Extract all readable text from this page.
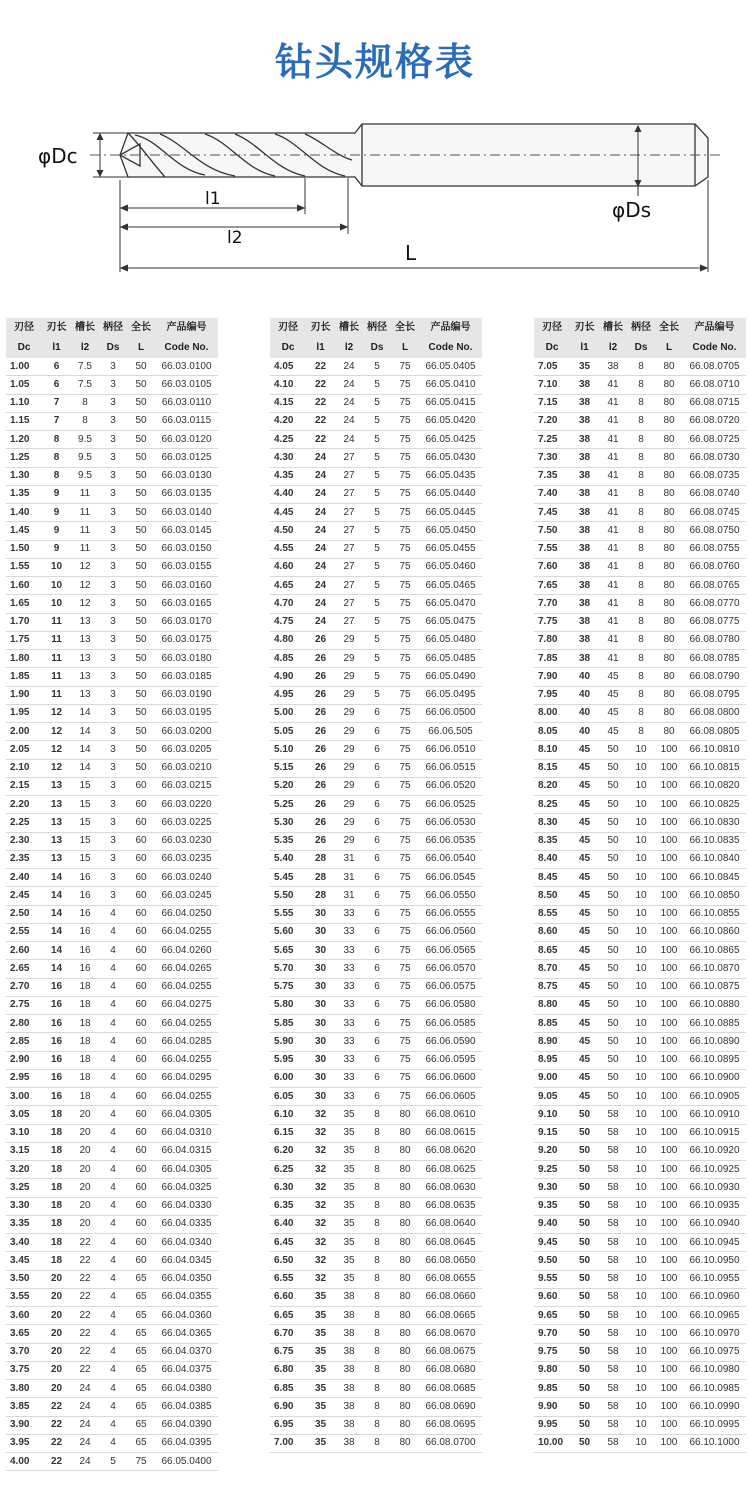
钻头规格表
φDc
φDs
l1
l2
L
刃径	刃长	槽长	柄径	全长	产品编号
Dc	l1	l2	Ds	L	Code No.
1.00	6	7.5	3	50	66.03.0100
1.05	6	7.5	3	50	66.03.0105
1.10	7	8	3	50	66.03.0110
1.15	7	8	3	50	66.03.0115
1.20	8	9.5	3	50	66.03.0120
1.25	8	9.5	3	50	66.03.0125
1.30	8	9.5	3	50	66.03.0130
1.35	9	11	3	50	66.03.0135
1.40	9	11	3	50	66.03.0140
1.45	9	11	3	50	66.03.0145
1.50	9	11	3	50	66.03.0150
1.55	10	12	3	50	66.03.0155
1.60	10	12	3	50	66.03.0160
1.65	10	12	3	50	66.03.0165
1.70	11	13	3	50	66.03.0170
1.75	11	13	3	50	66.03.0175
1.80	11	13	3	50	66.03.0180
1.85	11	13	3	50	66.03.0185
1.90	11	13	3	50	66.03.0190
1.95	12	14	3	50	66.03.0195
2.00	12	14	3	50	66.03.0200
2.05	12	14	3	50	66.03.0205
2.10	12	14	3	50	66.03.0210
2.15	13	15	3	60	66.03.0215
2.20	13	15	3	60	66.03.0220
2.25	13	15	3	60	66.03.0225
2.30	13	15	3	60	66.03.0230
2.35	13	15	3	60	66.03.0235
2.40	14	16	3	60	66.03.0240
2.45	14	16	3	60	66.03.0245
2.50	14	16	4	60	66.04.0250
2.55	14	16	4	60	66.04.0255
2.60	14	16	4	60	66.04.0260
2.65	14	16	4	60	66.04.0265
2.70	16	18	4	60	66.04.0255
2.75	16	18	4	60	66.04.0275
2.80	16	18	4	60	66.04.0255
2.85	16	18	4	60	66.04.0285
2.90	16	18	4	60	66.04.0255
2.95	16	18	4	60	66.04.0295
3.00	16	18	4	60	66.04.0255
3.05	18	20	4	60	66.04.0305
3.10	18	20	4	60	66.04.0310
3.15	18	20	4	60	66.04.0315
3.20	18	20	4	60	66.04.0305
3.25	18	20	4	60	66.04.0325
3.30	18	20	4	60	66.04.0330
3.35	18	20	4	60	66.04.0335
3.40	18	22	4	60	66.04.0340
3.45	18	22	4	60	66.04.0345
3.50	20	22	4	65	66.04.0350
3.55	20	22	4	65	66.04.0355
3.60	20	22	4	65	66.04.0360
3.65	20	22	4	65	66.04.0365
3.70	20	22	4	65	66.04.0370
3.75	20	22	4	65	66.04.0375
3.80	20	24	4	65	66.04.0380
3.85	22	24	4	65	66.04.0385
3.90	22	24	4	65	66.04.0390
3.95	22	24	4	65	66.04.0395
4.00	22	24	5	75	66.05.0400
刃径	刃长	槽长	柄径	全长	产品编号
Dc	l1	l2	Ds	L	Code No.
4.05	22	24	5	75	66.05.0405
4.10	22	24	5	75	66.05.0410
4.15	22	24	5	75	66.05.0415
4.20	22	24	5	75	66.05.0420
4.25	22	24	5	75	66.05.0425
4.30	24	27	5	75	66.05.0430
4.35	24	27	5	75	66.05.0435
4.40	24	27	5	75	66.05.0440
4.45	24	27	5	75	66.05.0445
4.50	24	27	5	75	66.05.0450
4.55	24	27	5	75	66.05.0455
4.60	24	27	5	75	66.05.0460
4.65	24	27	5	75	66.05.0465
4.70	24	27	5	75	66.05.0470
4.75	24	27	5	75	66.05.0475
4.80	26	29	5	75	66.05.0480
4.85	26	29	5	75	66.05.0485
4.90	26	29	5	75	66.05.0490
4.95	26	29	5	75	66.05.0495
5.00	26	29	6	75	66.06.0500
5.05	26	29	6	75	66.06.505
5.10	26	29	6	75	66.06.0510
5.15	26	29	6	75	66.06.0515
5.20	26	29	6	75	66.06.0520
5.25	26	29	6	75	66.06.0525
5.30	26	29	6	75	66.06.0530
5.35	26	29	6	75	66.06.0535
5.40	28	31	6	75	66.06.0540
5.45	28	31	6	75	66.06.0545
5.50	28	31	6	75	66.06.0550
5.55	30	33	6	75	66.06.0555
5.60	30	33	6	75	66.06.0560
5.65	30	33	6	75	66.06.0565
5.70	30	33	6	75	66.06.0570
5.75	30	33	6	75	66.06.0575
5.80	30	33	6	75	66.06.0580
5.85	30	33	6	75	66.06.0585
5.90	30	33	6	75	66.06.0590
5.95	30	33	6	75	66.06.0595
6.00	30	33	6	75	66.06.0600
6.05	30	33	6	75	66.06.0605
6.10	32	35	8	80	66.08.0610
6.15	32	35	8	80	66.08.0615
6.20	32	35	8	80	66.08.0620
6.25	32	35	8	80	66.08.0625
6.30	32	35	8	80	66.08.0630
6.35	32	35	8	80	66.08.0635
6.40	32	35	8	80	66.08.0640
6.45	32	35	8	80	66.08.0645
6.50	32	35	8	80	66.08.0650
6.55	32	35	8	80	66.08.0655
6.60	35	38	8	80	66.08.0660
6.65	35	38	8	80	66.08.0665
6.70	35	38	8	80	66.08.0670
6.75	35	38	8	80	66.08.0675
6.80	35	38	8	80	66.08.0680
6.85	35	38	8	80	66.08.0685
6.90	35	38	8	80	66.08.0690
6.95	35	38	8	80	66.08.0695
7.00	35	38	8	80	66.08.0700
刃径	刃长	槽长	柄径	全长	产品编号
Dc	l1	l2	Ds	L	Code No.
7.05	35	38	8	80	66.08.0705
7.10	38	41	8	80	66.08.0710
7.15	38	41	8	80	66.08.0715
7.20	38	41	8	80	66.08.0720
7.25	38	41	8	80	66.08.0725
7.30	38	41	8	80	66.08.0730
7.35	38	41	8	80	66.08.0735
7.40	38	41	8	80	66.08.0740
7.45	38	41	8	80	66.08.0745
7.50	38	41	8	80	66.08.0750
7.55	38	41	8	80	66.08.0755
7.60	38	41	8	80	66.08.0760
7.65	38	41	8	80	66.08.0765
7.70	38	41	8	80	66.08.0770
7.75	38	41	8	80	66.08.0775
7.80	38	41	8	80	66.08.0780
7.85	38	41	8	80	66.08.0785
7.90	40	45	8	80	66.08.0790
7.95	40	45	8	80	66.08.0795
8.00	40	45	8	80	66.08.0800
8.05	40	45	8	80	66.08.0805
8.10	45	50	10	100	66.10.0810
8.15	45	50	10	100	66.10.0815
8.20	45	50	10	100	66.10.0820
8.25	45	50	10	100	66.10.0825
8.30	45	50	10	100	66.10.0830
8.35	45	50	10	100	66.10.0835
8.40	45	50	10	100	66.10.0840
8.45	45	50	10	100	66.10.0845
8.50	45	50	10	100	66.10.0850
8.55	45	50	10	100	66.10.0855
8.60	45	50	10	100	66.10.0860
8.65	45	50	10	100	66.10.0865
8.70	45	50	10	100	66.10.0870
8.75	45	50	10	100	66.10.0875
8.80	45	50	10	100	66.10.0880
8.85	45	50	10	100	66.10.0885
8.90	45	50	10	100	66.10.0890
8.95	45	50	10	100	66.10.0895
9.00	45	50	10	100	66.10.0900
9.05	45	50	10	100	66.10.0905
9.10	50	58	10	100	66.10.0910
9.15	50	58	10	100	66.10.0915
9.20	50	58	10	100	66.10.0920
9.25	50	58	10	100	66.10.0925
9.30	50	58	10	100	66.10.0930
9.35	50	58	10	100	66.10.0935
9.40	50	58	10	100	66.10.0940
9.45	50	58	10	100	66.10.0945
9.50	50	58	10	100	66.10.0950
9.55	50	58	10	100	66.10.0955
9.60	50	58	10	100	66.10.0960
9.65	50	58	10	100	66.10.0965
9.70	50	58	10	100	66.10.0970
9.75	50	58	10	100	66.10.0975
9.80	50	58	10	100	66.10.0980
9.85	50	58	10	100	66.10.0985
9.90	50	58	10	100	66.10.0990
9.95	50	58	10	100	66.10.0995
10.00	50	58	10	100	66.10.1000
